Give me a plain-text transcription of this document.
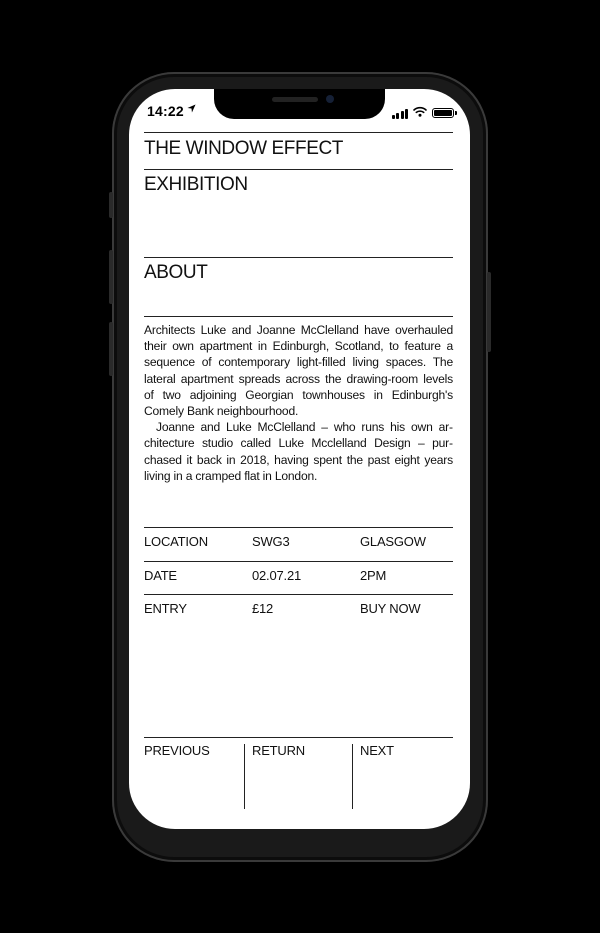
14:22
THE WINDOW EFFECT
EXHIBITION
ABOUT

Architects Luke and Joanne McClelland have overhauled their own apartment in Edinburgh, Scotland, to feature a sequence of contemporary light-filled living spaces. The lateral apartment spreads across the drawing-room levels of two adjoining Georgian townhouses in Edinburgh's Comely Bank neighbourhood.

Joanne and Luke McClelland – who runs his own architecture studio called Luke Mcclelland Design – purchased it back in 2018, having spent the past eight years living in a cramped flat in London.

LOCATION	SWG3	GLASGOW
DATE	02.07.21	2PM
ENTRY	£12	BUY NOW
PREVIOUS	RETURN	NEXT
